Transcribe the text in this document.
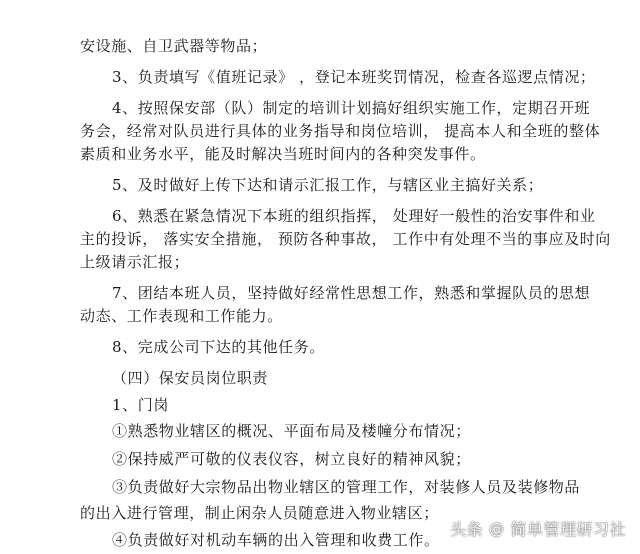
安设施、自卫武器等物品；
3、负责填写《值班记录》 ，登记本班奖罚情况，检查各巡逻点情况；
4、按照保安部（队）制定的培训计划搞好组织实施工作，定期召开班
务会，经常对队员进行具体的业务指导和岗位培训， 提高本人和全班的整体
素质和业务水平，能及时解决当班时间内的各种突发事件。
5、及时做好上传下达和请示汇报工作，与辖区业主搞好关系；
6、熟悉在紧急情况下本班的组织指挥， 处理好一般性的治安事件和业
主的投诉， 落实安全措施， 预防各种事故， 工作中有处理不当的事应及时向
上级请示汇报；
7、团结本班人员，坚持做好经常性思想工作，熟悉和掌握队员的思想
动态、工作表现和工作能力。
8、完成公司下达的其他任务。
（四）保安员岗位职责
1、门岗
①熟悉物业辖区的概况、平面布局及楼幢分布情况；
②保持威严可敬的仪表仪容，树立良好的精神风貌；
③负责做好大宗物品出物业辖区的管理工作，对装修人员及装修物品
的出入进行管理，制止闲杂人员随意进入物业辖区；
④负责做好对机动车辆的出入管理和收费工作。
头条 @ 简单管理研习社
